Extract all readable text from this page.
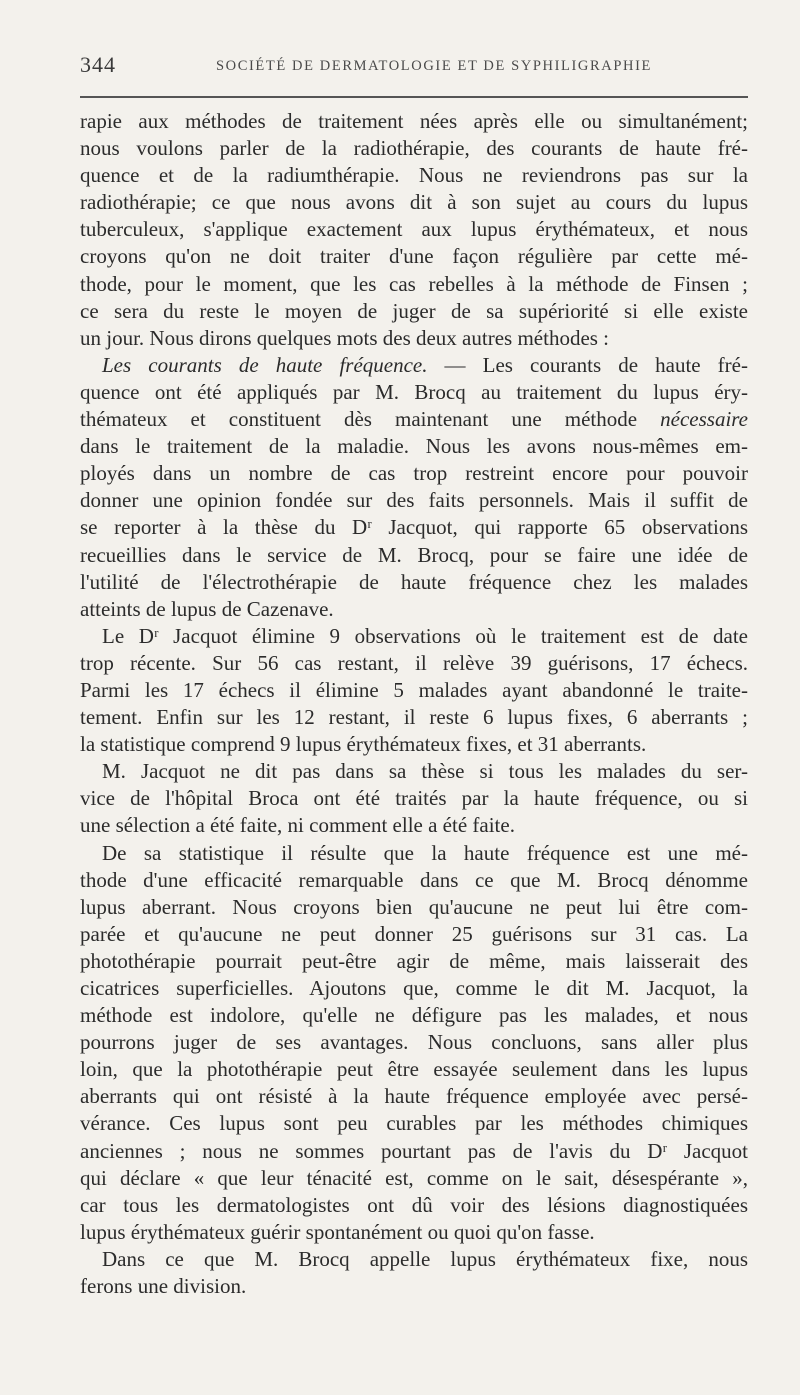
344	SOCIÉTÉ DE DERMATOLOGIE ET DE SYPHILIGRAPHIE

rapie aux méthodes de traitement nées après elle ou simultanément;

nous voulons parler de la radiothérapie, des courants de haute fré-

quence et de la radiumthérapie. Nous ne reviendrons pas sur la

radiothérapie; ce que nous avons dit à son sujet au cours du lupus

tuberculeux, s'applique exactement aux lupus érythémateux, et nous

croyons qu'on ne doit traiter d'une façon régulière par cette mé-

thode, pour le moment, que les cas rebelles à la méthode de Finsen ;

ce sera du reste le moyen de juger de sa supériorité si elle existe

un jour. Nous dirons quelques mots des deux autres méthodes :

Les courants de haute fréquence. — Les courants de haute fré-

quence ont été appliqués par M. Brocq au traitement du lupus éry-

thémateux et constituent dès maintenant une méthode nécessaire

dans le traitement de la maladie. Nous les avons nous-mêmes em-

ployés dans un nombre de cas trop restreint encore pour pouvoir

donner une opinion fondée sur des faits personnels. Mais il suffit de

se reporter à la thèse du Dʳ Jacquot, qui rapporte 65 observations

recueillies dans le service de M. Brocq, pour se faire une idée de

l'utilité de l'électrothérapie de haute fréquence chez les malades

atteints de lupus de Cazenave.

Le Dʳ Jacquot élimine 9 observations où le traitement est de date

trop récente. Sur 56 cas restant, il relève 39 guérisons, 17 échecs.

Parmi les 17 échecs il élimine 5 malades ayant abandonné le traite-

tement. Enfin sur les 12 restant, il reste 6 lupus fixes, 6 aberrants ;

la statistique comprend 9 lupus érythémateux fixes, et 31 aberrants.

M. Jacquot ne dit pas dans sa thèse si tous les malades du ser-

vice de l'hôpital Broca ont été traités par la haute fréquence, ou si

une sélection a été faite, ni comment elle a été faite.

De sa statistique il résulte que la haute fréquence est une mé-

thode d'une efficacité remarquable dans ce que M. Brocq dénomme

lupus aberrant. Nous croyons bien qu'aucune ne peut lui être com-

parée et qu'aucune ne peut donner 25 guérisons sur 31 cas. La

photothérapie pourrait peut-être agir de même, mais laisserait des

cicatrices superficielles. Ajoutons que, comme le dit M. Jacquot, la

méthode est indolore, qu'elle ne défigure pas les malades, et nous

pourrons juger de ses avantages. Nous concluons, sans aller plus

loin, que la photothérapie peut être essayée seulement dans les lupus

aberrants qui ont résisté à la haute fréquence employée avec persé-

vérance. Ces lupus sont peu curables par les méthodes chimiques

anciennes ; nous ne sommes pourtant pas de l'avis du Dʳ Jacquot

qui déclare « que leur ténacité est, comme on le sait, désespérante »,

car tous les dermatologistes ont dû voir des lésions diagnostiquées

lupus érythémateux guérir spontanément ou quoi qu'on fasse.

Dans ce que M. Brocq appelle lupus érythémateux fixe, nous

ferons une division.
